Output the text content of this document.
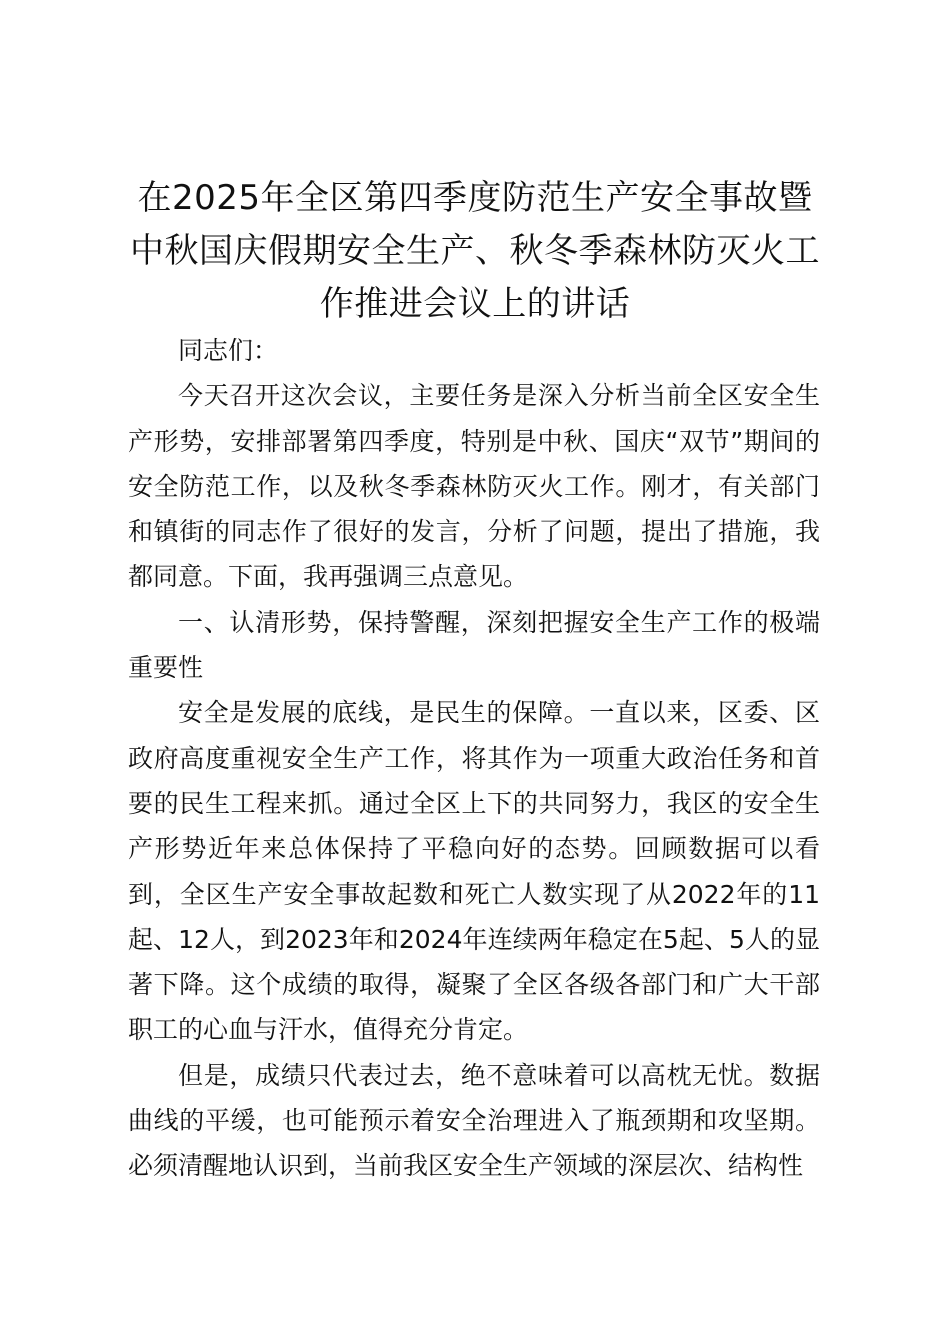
在2025年全区第四季度防范生产安全事故暨中秋国庆假期安全生产、秋冬季森林防灭火工作推进会议上的讲话

同志们：

今天召开这次会议，主要任务是深入分析当前全区安全生产形势，安排部署第四季度，特别是中秋、国庆“双节”期间的安全防范工作，以及秋冬季森林防灭火工作。刚才，有关部门和镇街的同志作了很好的发言，分析了问题，提出了措施，我都同意。下面，我再强调三点意见。

一、认清形势，保持警醒，深刻把握安全生产工作的极端重要性

安全是发展的底线，是民生的保障。一直以来，区委、区政府高度重视安全生产工作，将其作为一项重大政治任务和首要的民生工程来抓。通过全区上下的共同努力，我区的安全生产形势近年来总体保持了平稳向好的态势。回顾数据可以看到，全区生产安全事故起数和死亡人数实现了从2022年的11起、12人，到2023年和2024年连续两年稳定在5起、5人的显著下降。这个成绩的取得，凝聚了全区各级各部门和广大干部职工的心血与汗水，值得充分肯定。

但是，成绩只代表过去，绝不意味着可以高枕无忧。数据曲线的平缓，也可能预示着安全治理进入了瓶颈期和攻坚期。必须清醒地认识到，当前我区安全生产领域的深层次、结构性
